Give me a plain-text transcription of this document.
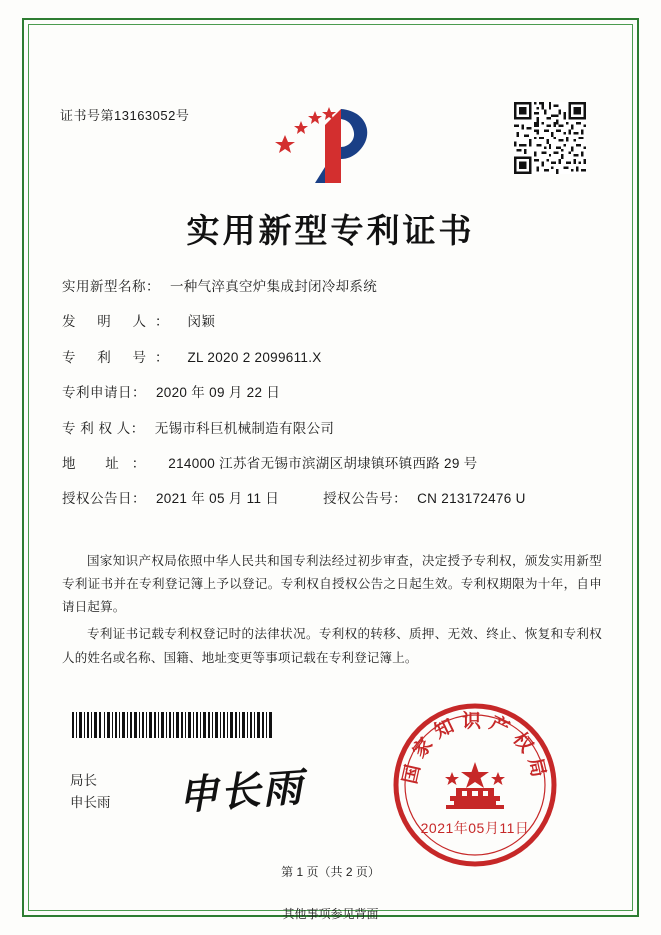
证书号第13163052号
实用新型专利证书
实用新型名称： 一种气淬真空炉集成封闭冷却系统
发 明 人： 闵颖
专 利 号： ZL 2020 2 2099611.X
专利申请日： 2020 年 09 月 22 日
专 利 权 人： 无锡市科巨机械制造有限公司
地 址： 214000 江苏省无锡市滨湖区胡埭镇环镇西路 29 号
授权公告日： 2021 年 05 月 11 日	授权公告号： CN 213172476 U

国家知识产权局依照中华人民共和国专利法经过初步审查，决定授予专利权，颁发实用新型专利证书并在专利登记簿上予以登记。专利权自授权公告之日起生效。专利权期限为十年，自申请日起算。

专利证书记载专利权登记时的法律状况。专利权的转移、质押、无效、终止、恢复和专利权人的姓名或名称、国籍、地址变更等事项记载在专利登记簿上。

局长
申长雨 申长雨	国家知识产权局
2021年05月11日
第 1 页（共 2 页）
其他事项参见背面
